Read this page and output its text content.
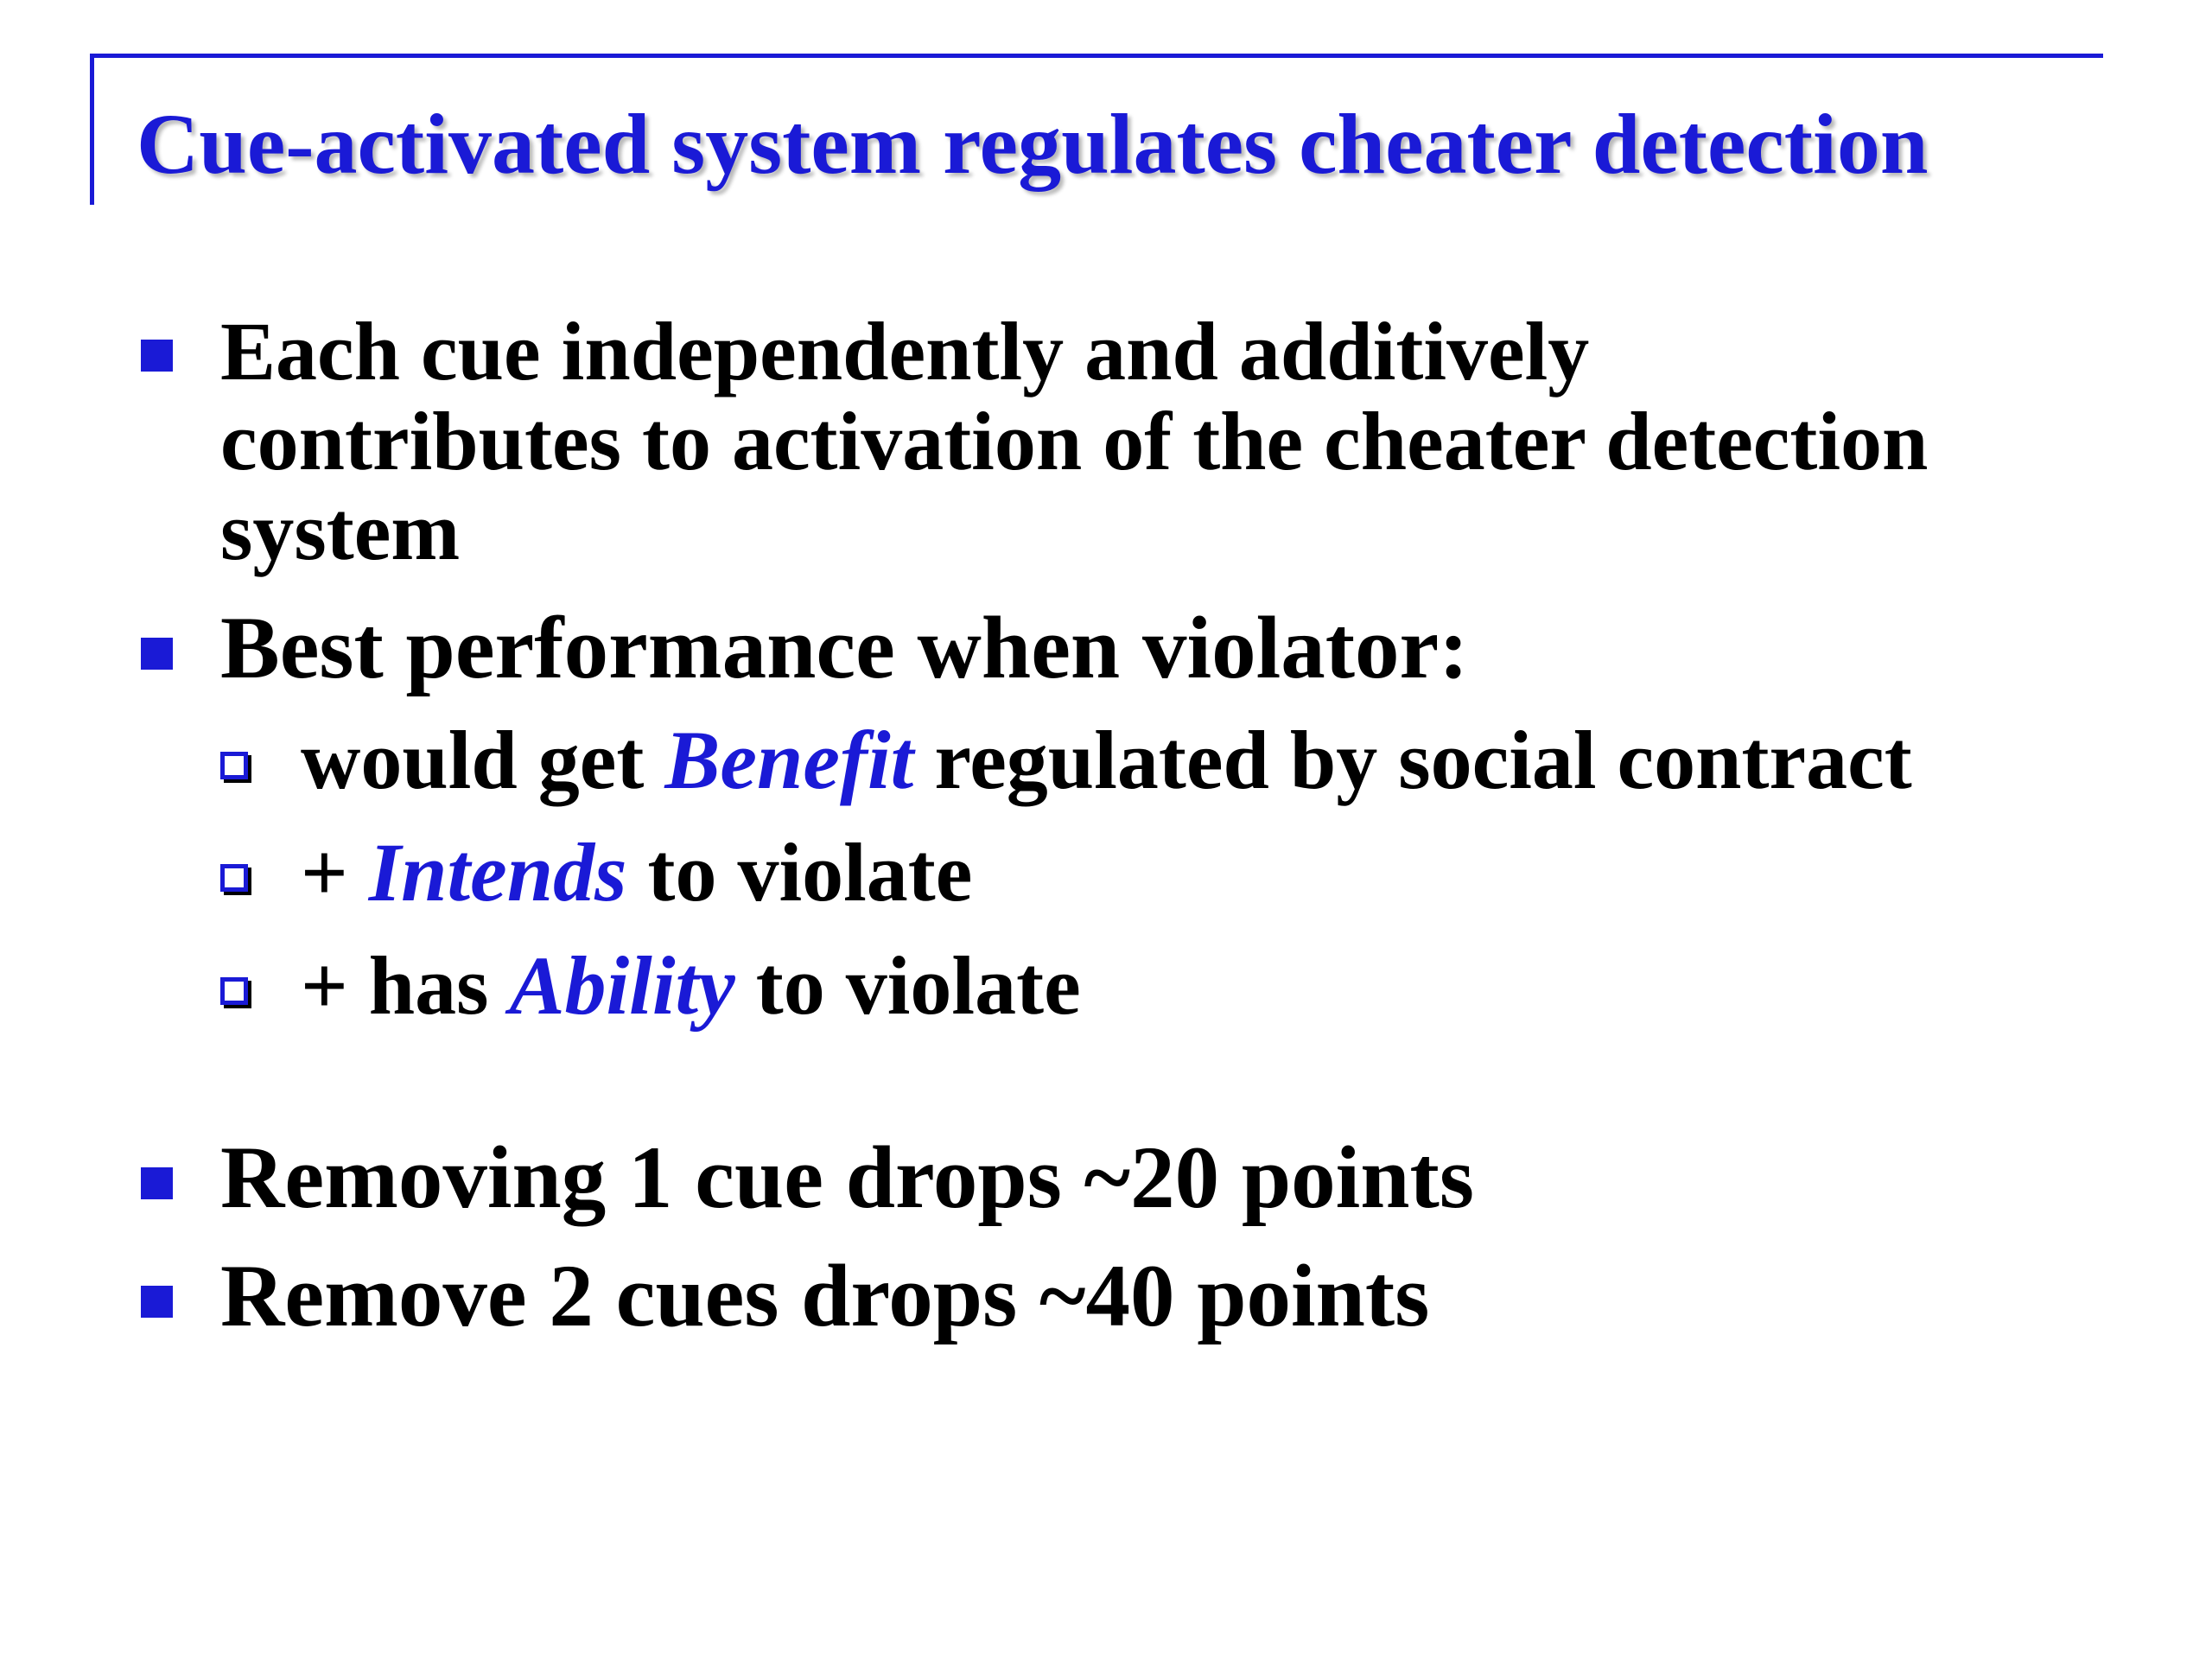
Cue-activated system regulates cheater detection
Each cue independently and additively
contributes to activation of the cheater detection
system
Best performance when violator:
would get Benefit regulated by social contract
+ Intends to violate
+ has Ability to violate
Removing 1 cue drops ~20 points
Remove 2 cues drops ~40 points
